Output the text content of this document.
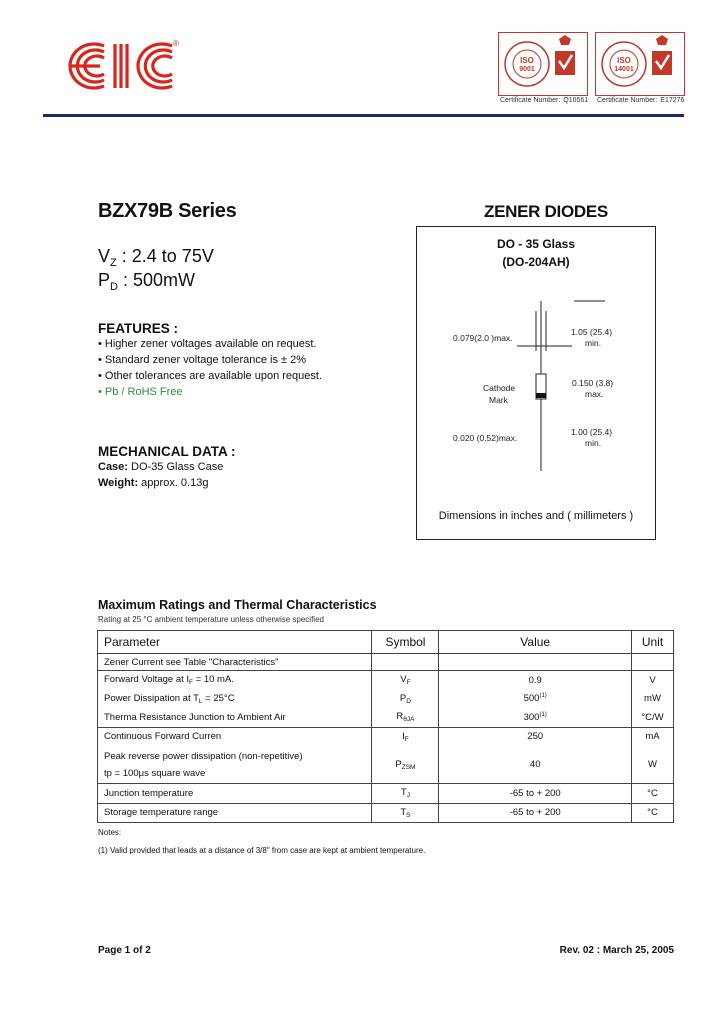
®
ISO
9001
Certificate Number: Q10561
ISO
14001
Certificate Number: E17276
BZX79B Series	ZENER DIODES
$V_Z$ : 2.4 to 75V
$P_D$ : 500mW
FEATURES :
• Higher zener voltages available on request.
• Standard zener voltage tolerance is ± 2%
• Other tolerances are available upon request.
• Pb / RoHS Free
MECHANICAL DATA :
Case: DO-35 Glass Case
Weight: approx. 0.13g
DO - 35 Glass
(DO-204AH)
0.079(2.0 )max.
1.05 (25.4)
min.
Cathode
Mark
0.150 (3.8)
max.
0.020 (0.52)max.
1.00 (25.4)
min.
Dimensions in inches and ( millimeters )
Maximum Ratings and Thermal Characteristics
Rating at 25 °C ambient temperature unless otherwise specified
Parameter	Symbol	Value	Unit
Zener Current see Table "Characteristics"			
Forward Voltage at $I_F = 10$ mA.	$V_F$	0.9	V
Power Dissipation at $T_L = 25^\circ C$	$P_D$	500$^{(1)}$	mW
Therma Resistance Junction to Ambient Air	$R_{\theta JA}$	300$^{(1)}$	°C/W
Continuous Forward Curren	$I_F$	250	mA

Peak reverse power dissipation (non-repetitive)
tp = 100μs square wave	$P_{ZSM}$	40	W
Junction temperature	$T_J$	-65 to + 200	°C
Storage temperature range	$T_S$	-65 to + 200	°C
Notes:
(1) Valid provided that leads at a distance of 3/8" from case are kept at ambient temperature.
Page 1 of 2	Rev. 02 : March 25, 2005
